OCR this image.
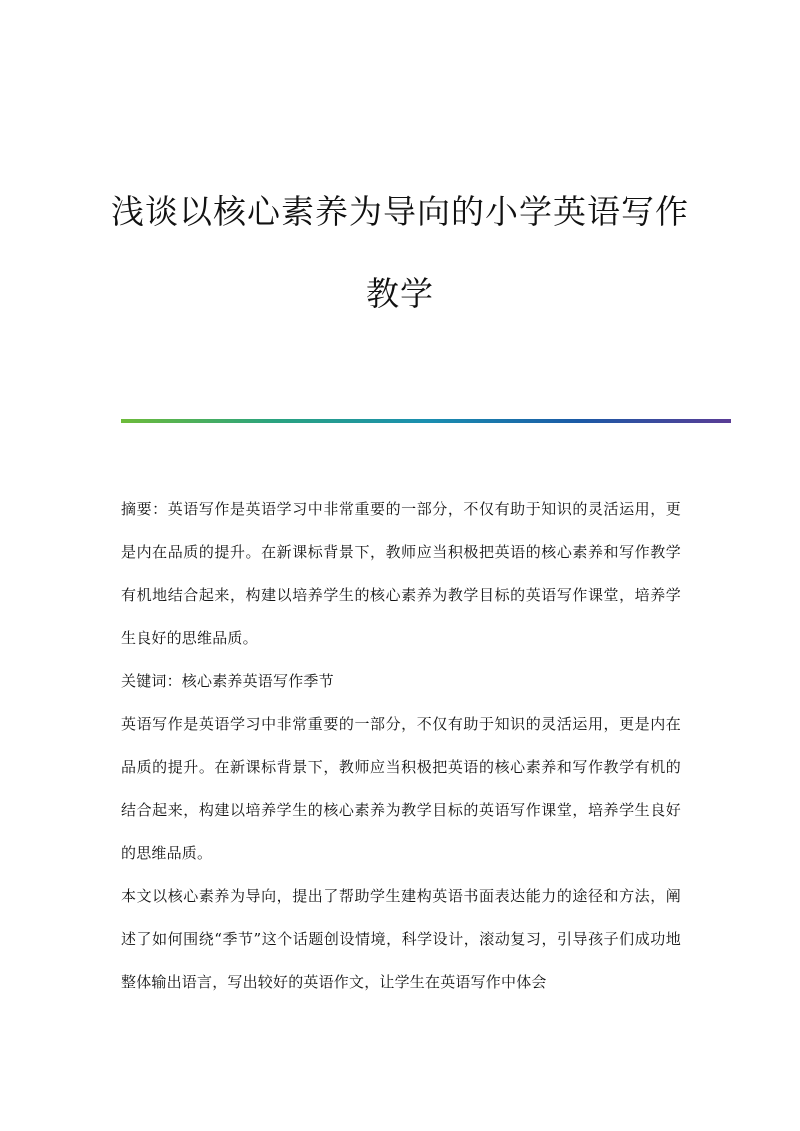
浅谈以核心素养为导向的小学英语写作
教学

摘要：英语写作是英语学习中非常重要的一部分，不仅有助于知识的灵活运用，更是内在品质的提升。在新课标背景下，教师应当积极把英语的核心素养和写作教学有机地结合起来，构建以培养学生的核心素养为教学目标的英语写作课堂，培养学生良好的思维品质。

关键词：核心素养英语写作季节

英语写作是英语学习中非常重要的一部分，不仅有助于知识的灵活运用，更是内在品质的提升。在新课标背景下，教师应当积极把英语的核心素养和写作教学有机的结合起来，构建以培养学生的核心素养为教学目标的英语写作课堂，培养学生良好的思维品质。

本文以核心素养为导向，提出了帮助学生建构英语书面表达能力的途径和方法，阐述了如何围绕“季节”这个话题创设情境，科学设计，滚动复习，引导孩子们成功地整体输出语言，写出较好的英语作文，让学生在英语写作中体会
